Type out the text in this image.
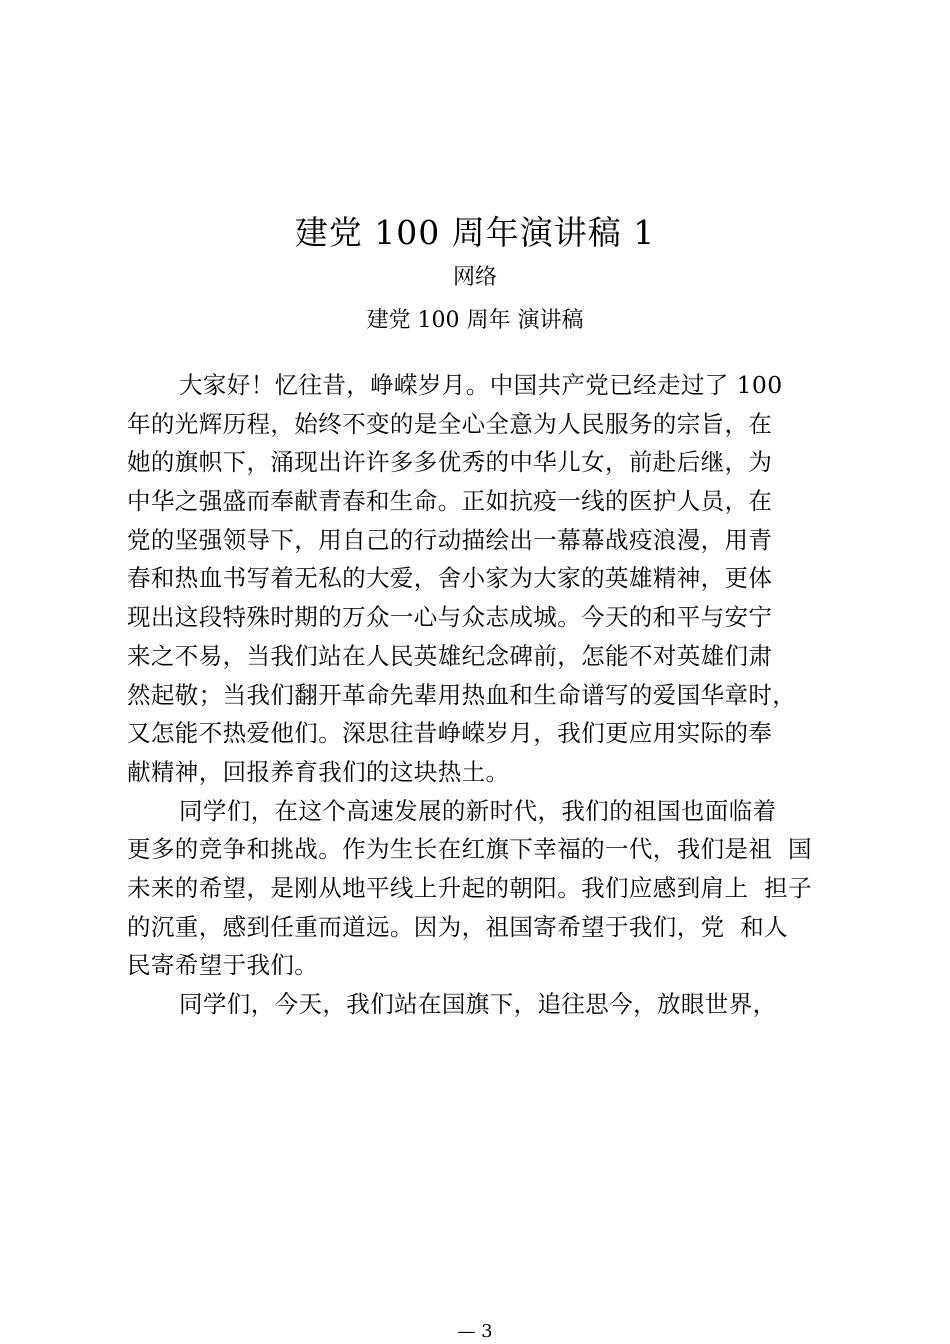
建党 100 周年演讲稿 1
网络
建党 100 周年 演讲稿
大家好！忆往昔，峥嵘岁月。中国共产党已经走过了 100
年的光辉历程，始终不变的是全心全意为人民服务的宗旨，在
她的旗帜下，涌现出许许多多优秀的中华儿女，前赴后继，为
中华之强盛而奉献青春和生命。正如抗疫一线的医护人员，在
党的坚强领导下，用自己的行动描绘出一幕幕战疫浪漫，用青
春和热血书写着无私的大爱，舍小家为大家的英雄精神，更体
现出这段特殊时期的万众一心与众志成城。今天的和平与安宁
来之不易，当我们站在人民英雄纪念碑前，怎能不对英雄们肃
然起敬；当我们翻开革命先辈用热血和生命谱写的爱国华章时，
又怎能不热爱他们。深思往昔峥嵘岁月，我们更应用实际的奉
献精神，回报养育我们的这块热土。
同学们，在这个高速发展的新时代，我们的祖国也面临着
更多的竞争和挑战。作为生长在红旗下幸福的一代，我们是祖  国
未来的希望，是刚从地平线上升起的朝阳。我们应感到肩上  担子
的沉重，感到任重而道远。因为，祖国寄希望于我们，党  和人
民寄希望于我们。
同学们，今天，我们站在国旗下，追往思今，放眼世界，
— 3
